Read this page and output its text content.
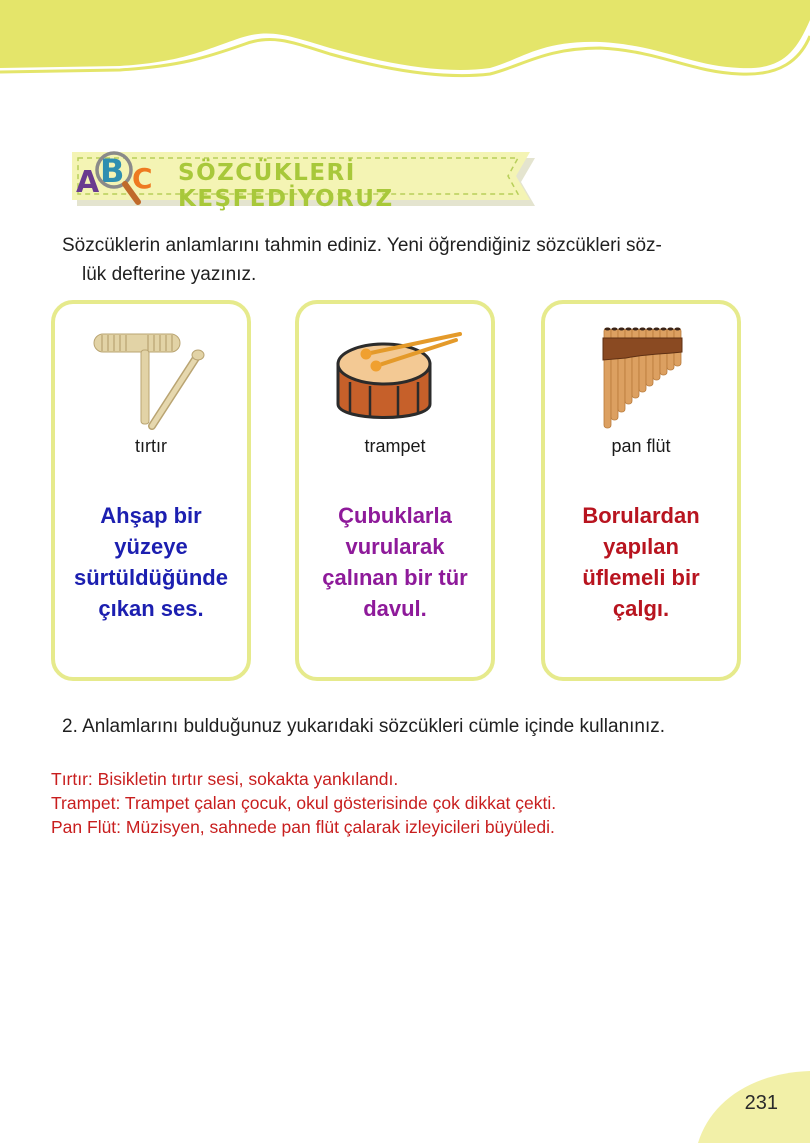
A B C SÖZCÜKLERİ KEŞFEDİYORUZ
Sözcüklerin anlamlarını tahmin ediniz. Yeni öğrendiğiniz sözcükleri söz-
lük defterine yazınız.
tırtır
Ahşap bir
yüzeye
sürtüldüğünde
çıkan ses.
trampet
Çubuklarla
vurularak
çalınan bir tür
davul.
pan flüt
Borulardan
yapılan
üflemeli bir
çalgı.
2. Anlamlarını bulduğunuz yukarıdaki sözcükleri cümle içinde kullanınız.
Tırtır: Bisikletin tırtır sesi, sokakta yankılandı.
Trampet: Trampet çalan çocuk, okul gösterisinde çok dikkat çekti.
Pan Flüt: Müzisyen, sahnede pan flüt çalarak izleyicileri büyüledi.
231
